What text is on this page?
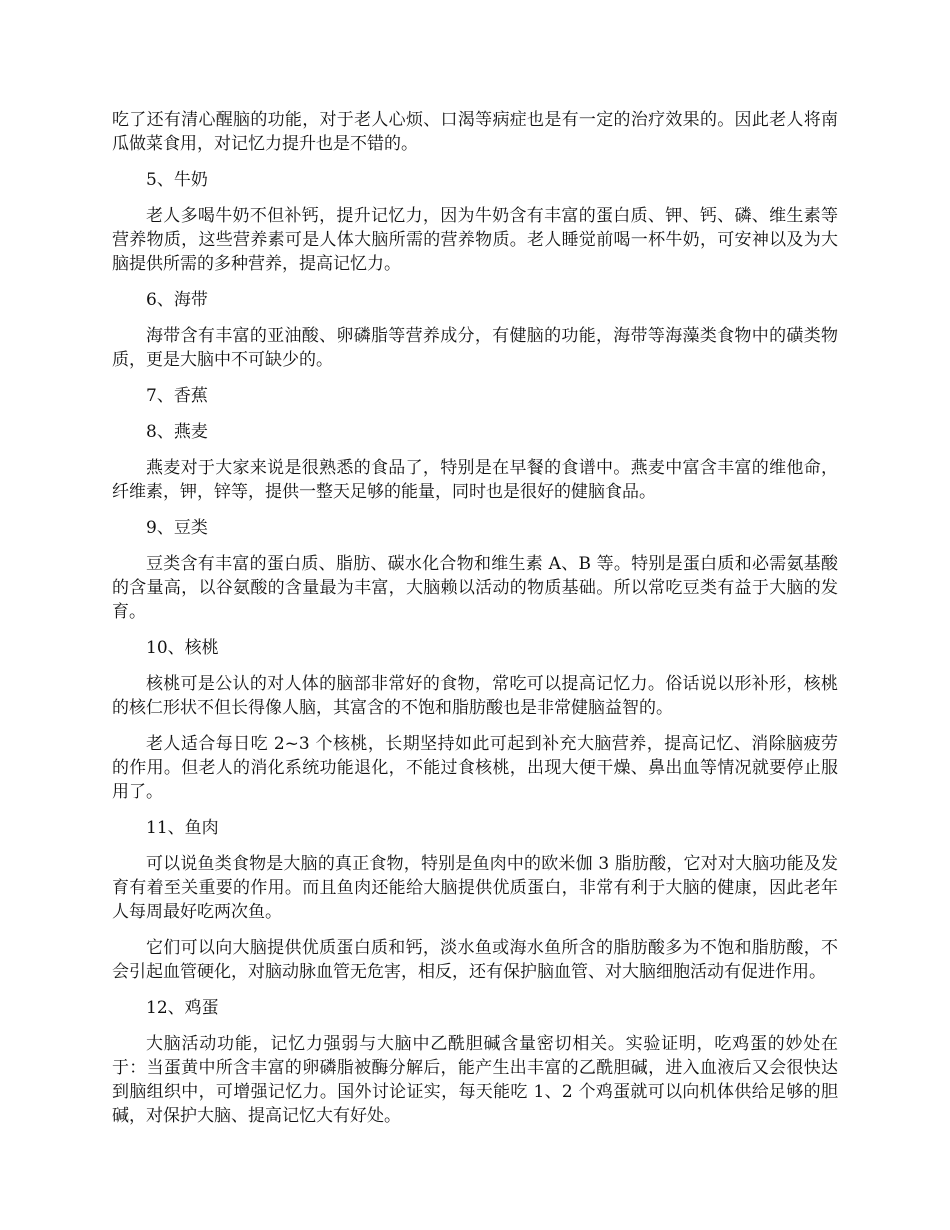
吃了还有清心醒脑的功能，对于老人心烦、口渴等病症也是有一定的治疗效果的。因此老人将南瓜做菜食用，对记忆力提升也是不错的。

5、牛奶

老人多喝牛奶不但补钙，提升记忆力，因为牛奶含有丰富的蛋白质、钾、钙、磷、维生素等营养物质，这些营养素可是人体大脑所需的营养物质。老人睡觉前喝一杯牛奶，可安神以及为大脑提供所需的多种营养，提高记忆力。

6、海带

海带含有丰富的亚油酸、卵磷脂等营养成分，有健脑的功能，海带等海藻类食物中的磺类物质，更是大脑中不可缺少的。

7、香蕉

8、燕麦

燕麦对于大家来说是很熟悉的食品了，特别是在早餐的食谱中。燕麦中富含丰富的维他命，纤维素，钾，锌等，提供一整天足够的能量，同时也是很好的健脑食品。

9、豆类

豆类含有丰富的蛋白质、脂肪、碳水化合物和维生素 A、B 等。特别是蛋白质和必需氨基酸的含量高，以谷氨酸的含量最为丰富，大脑赖以活动的物质基础。所以常吃豆类有益于大脑的发育。

10、核桃

核桃可是公认的对人体的脑部非常好的食物，常吃可以提高记忆力。俗话说以形补形，核桃的核仁形状不但长得像人脑，其富含的不饱和脂肪酸也是非常健脑益智的。

老人适合每日吃 2~3 个核桃，长期坚持如此可起到补充大脑营养，提高记忆、消除脑疲劳的作用。但老人的消化系统功能退化，不能过食核桃，出现大便干燥、鼻出血等情况就要停止服用了。

11、鱼肉

可以说鱼类食物是大脑的真正食物，特别是鱼肉中的欧米伽 3 脂肪酸，它对对大脑功能及发育有着至关重要的作用。而且鱼肉还能给大脑提供优质蛋白，非常有利于大脑的健康，因此老年人每周最好吃两次鱼。

它们可以向大脑提供优质蛋白质和钙，淡水鱼或海水鱼所含的脂肪酸多为不饱和脂肪酸，不会引起血管硬化，对脑动脉血管无危害，相反，还有保护脑血管、对大脑细胞活动有促进作用。

12、鸡蛋

大脑活动功能，记忆力强弱与大脑中乙酰胆碱含量密切相关。实验证明，吃鸡蛋的妙处在于：当蛋黄中所含丰富的卵磷脂被酶分解后，能产生出丰富的乙酰胆碱，进入血液后又会很快达到脑组织中，可增强记忆力。国外讨论证实，每天能吃 1、2 个鸡蛋就可以向机体供给足够的胆碱，对保护大脑、提高记忆大有好处。
